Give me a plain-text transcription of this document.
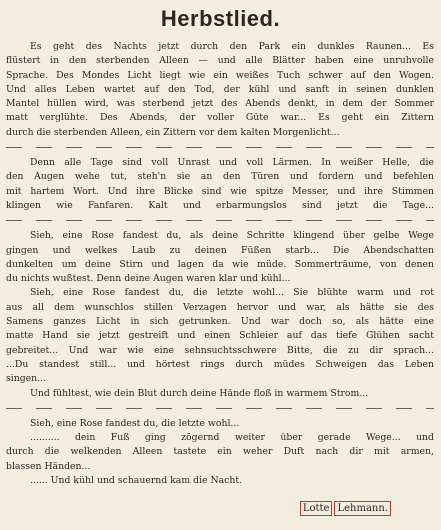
Herbstlied.
Es geht des Nachts jetzt durch den Park ein dunkles Raunen... Es
flüstert in den sterbenden Alleen — und alle Blätter haben eine unruhvolle
Sprache. Des Mondes Licht liegt wie ein weißes Tuch schwer auf den Wogen.
Und alles Leben wartet auf den Tod, der kühl und sanft in seinen dunklen
Mantel hüllen wird, was sterbend jetzt des Abends denkt, in dem der Sommer
matt verglühte. Des Abends, der voller Güte war... Es geht ein Zittern
durch die sterbenden Alleen, ein Zittern vor dem kalten Morgenlicht...
Denn alle Tage sind voll Unrast und voll Lärmen. In weißer Helle, die
den Augen wehe tut, steh'n sie an den Türen und fordern und befehlen
mit hartem Wort. Und ihre Blicke sind wie spitze Messer, und ihre Stimmen
klingen wie Fanfaren. Kalt und erbarmungslos sind jetzt die Tage...
Sieh, eine Rose fandest du, als deine Schritte klingend über gelbe Wege
gingen und welkes Laub zu deinen Füßen starb... Die Abendschatten
dunkelten um deine Stirn und lagen da wie müde. Sommerträume, von denen
du nichts wußtest. Denn deine Augen waren klar und kühl...
Sieh, eine Rose fandest du, die letzte wohl... Sie blühte warm und rot
aus all dem wunschlos stillen Verzagen hervor und war, als hätte sie des
Samens ganzes Licht in sich getrunken. Und war doch so, als hätte eine
matte Hand sie jetzt gestreift und einen Schleier auf das tiefe Glühen sacht
gebreitet... Und war wie eine sehnsuchtsschwere Bitte, die zu dir sprach...
...Du standest still... und hörtest rings durch müdes Schweigen das Leben
singen...
Und fühltest, wie dein Blut durch deine Hände floß in warmem Strom...
Sieh, eine Rose fandest du, die letzte wohl...
.......... dein Fuß ging zögernd weiter über gerade Wege... und
durch die welkenden Alleen tastete ein weher Duft nach dir mit armen,
blassen Händen...
...... Und kühl und schauernd kam die Nacht.
Lotte Lehmann.
